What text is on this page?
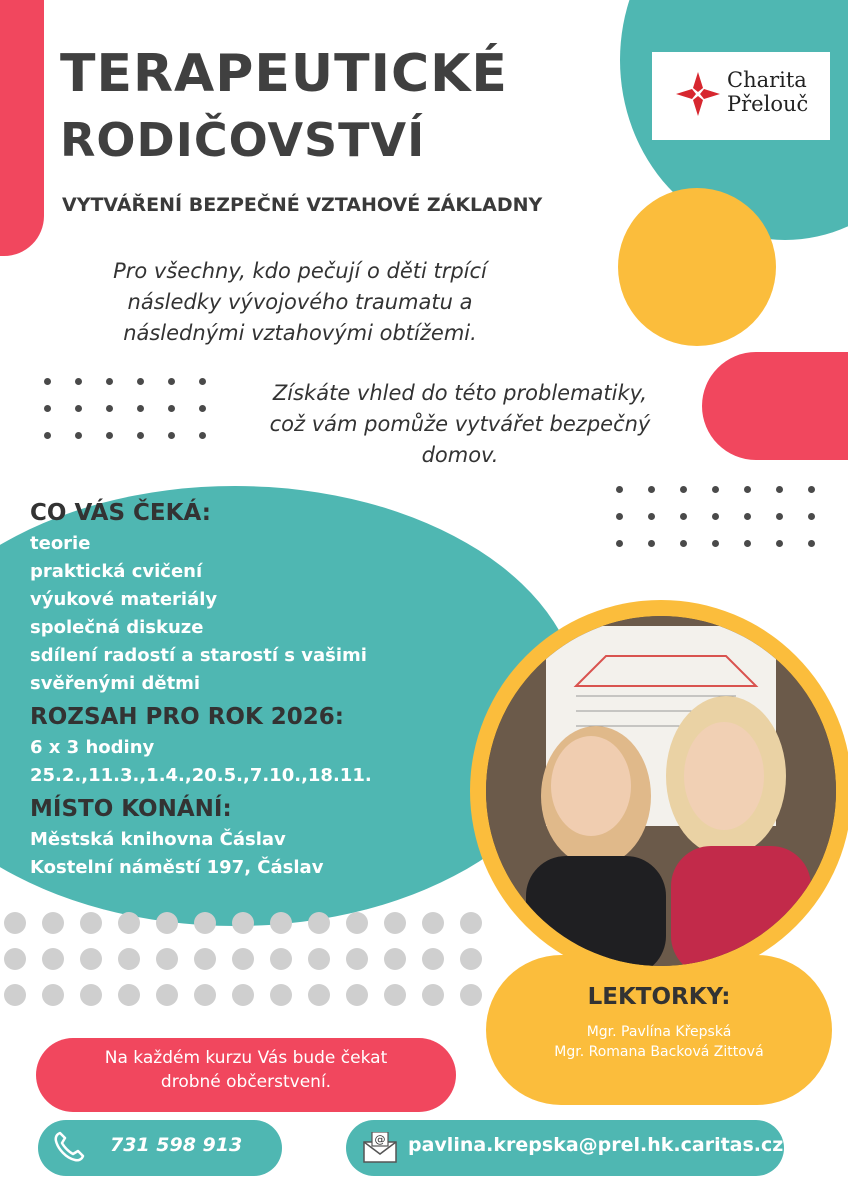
Charita
Přelouč
TERAPEUTICKÉ
RODIČOVSTVÍ
VYTVÁŘENÍ BEZPEČNÉ VZTAHOVÉ ZÁKLADNY
Pro všechny, kdo pečují o děti trpící
následky vývojového traumatu a
následnými vztahovými obtížemi.
Získáte vhled do této problematiky,
což vám pomůže vytvářet bezpečný
domov.
CO VÁS ČEKÁ:
teorie
praktická cvičení
výukové materiály
společná diskuze
sdílení radostí a starostí s vašimi
svěřenými dětmi
ROZSAH PRO ROK 2026:
6 x 3 hodiny
25.2.,11.3.,1.4.,20.5.,7.10.,18.11.
MÍSTO KONÁNÍ:
Městská knihovna Čáslav
Kostelní náměstí 197, Čáslav
LEKTORKY:
Mgr. Pavlína Křepská
Mgr. Romana Backová Zittová
Na každém kurzu Vás bude čekat
drobné občerstvení.
731 598 913	@ pavlina.krepska@prel.hk.caritas.cz
